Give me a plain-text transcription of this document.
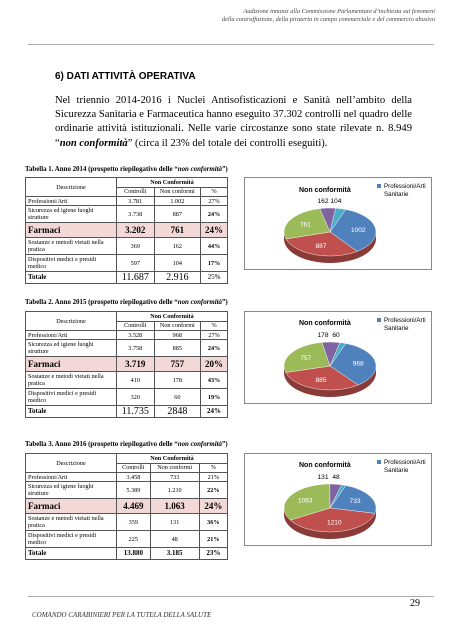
Audizione innanzi alla Commissione Parlamentare d’inchiesta sui fenomeni
della contraffazione, della pirateria in campo commerciale e del commercio abusivo
6) DATI ATTIVITÀ OPERATIVA
Nel triennio 2014-2016 i Nuclei Antisofisticazioni e Sanità nell’ambito della Sicurezza Sanitaria e Farmaceutica hanno eseguito 37.302 controlli nel quadro delle ordinarie attività istituzionali. Nelle varie circostanze sono state rilevate n. 8.949 “non conformità” (circa il 23% del totale dei controlli eseguiti).
Tabella 1. Anno 2014 (prospetto riepilogativo delle “non conformità”)
Descrizione	Non Conformità		
	Controlli	Non conformi	%
Professioni/Arti	3.781	1.002	27%
Sicurezza ed igiene luoghi strutture	3.738	887	24%
Farmaci	3.202	761	24%
Sostanze e metodi vietati nella pratica	369	162	44%
Dispositivi medici e presidi medico	597	104	17%
Totale	11.687	2.916	25%
Non conformità
Professioni/Arti
Sanitarie
1002
887
761
162 104
Tabella 2. Anno 2015 (prospetto riepilogativo delle “non conformità”)
Descrizione	Non Conformità		
	Controlli	Non conformi	%
Professioni/Arti	3.528	968	27%
Sicurezza ed igiene luoghi strutture	3.758	885	24%
Farmaci	3.719	757	20%
Sostanze e metodi vietati nella pratica	410	178	43%
Dispositivi medici e presidi medico	320	60	19%
Totale	11.735	2848	24%
Non conformità	Professioni/Arti
Sanitarie
968
885
757
178 60
Tabella 3. Anno 2016 (prospetto riepilogativo delle “non conformità”)
Descrizione	Non Conformità		
	Controlli	Non conformi	%
Professioni/Arti	3.458	733	21%
Sicurezza ed igiene luoghi strutture	5.389	1.210	22%
Farmaci	4.469	1.063	24%
Sostanze e metodi vietati nella pratica	359	131	36%
Dispositivi medici e presidi medico	225	48	21%
Totale	13.880	3.185	23%
Non conformità	Professioni/Arti
Sanitarie
733
1210
1063
131 48
29
COMANDO CARABINIERI PER LA TUTELA DELLA SALUTE
